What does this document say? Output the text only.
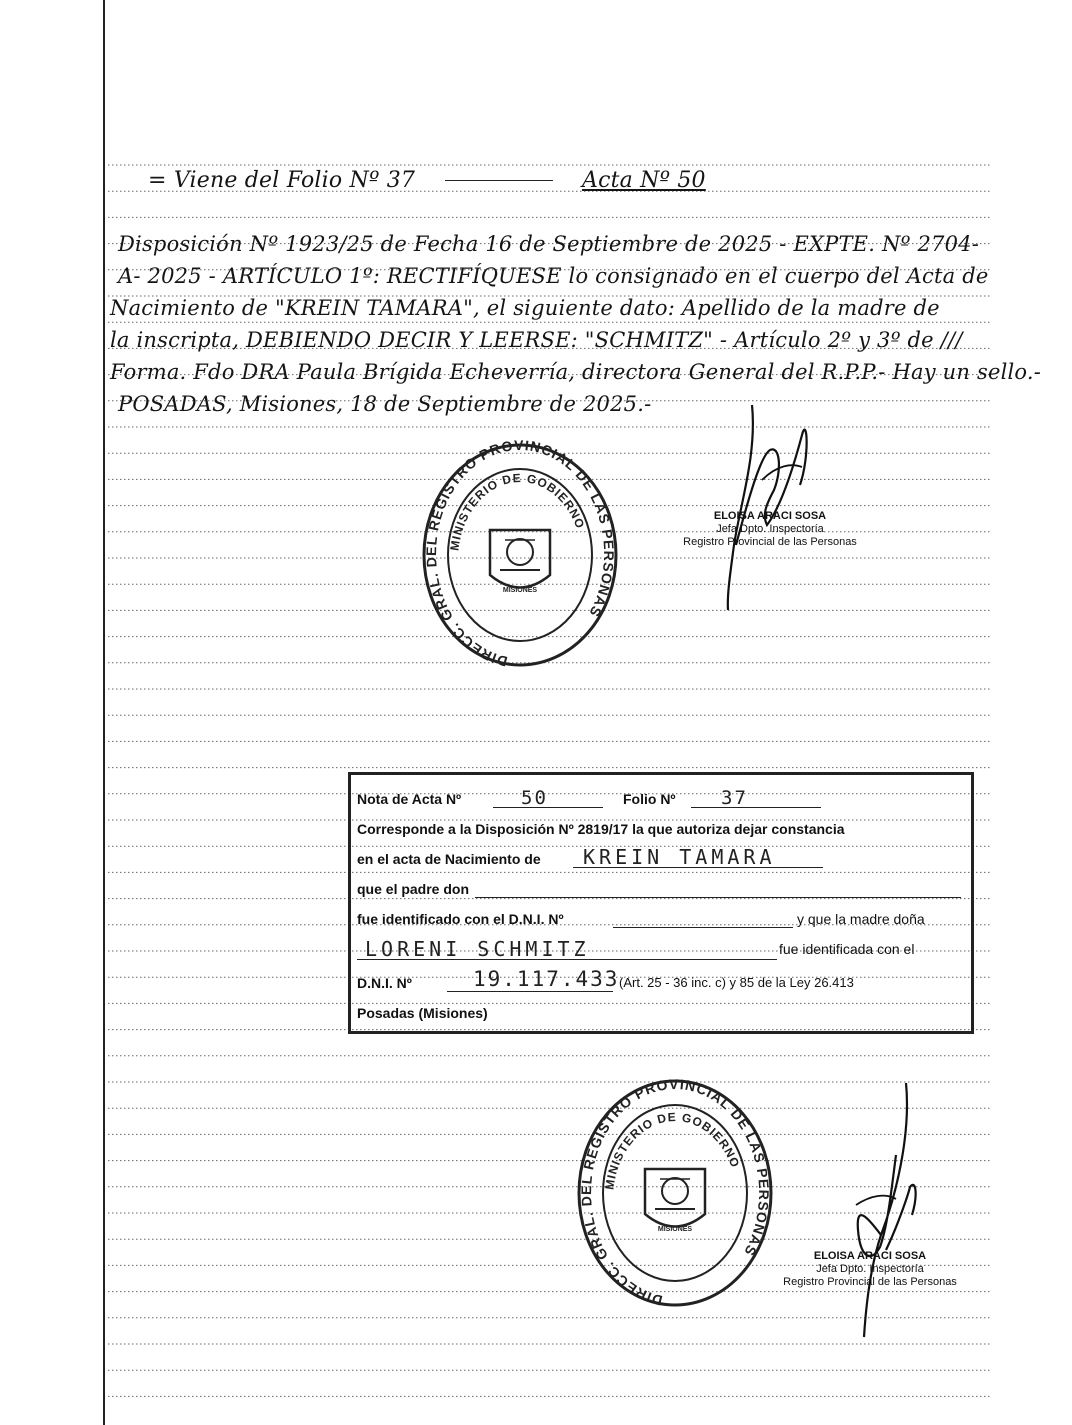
= Viene del Folio Nº 37	Acta Nº 50
Disposición Nº 1923/25 de Fecha 16 de Septiembre de 2025 - EXPTE. Nº 2704-
A- 2025 - ARTÍCULO 1º: RECTIFÍQUESE lo consignado en el cuerpo del Acta de
Nacimiento de "KREIN TAMARA", el siguiente dato: Apellido de la madre de
la inscripta, DEBIENDO DECIR Y LEERSE: "SCHMITZ" - Artículo 2º y 3º de ///
Forma. Fdo DRA Paula Brígida Echeverría, directora General del R.P.P.- Hay un sello.-
POSADAS, Misiones, 18 de Septiembre de 2025.-
DIRECC. GRAL. DEL REGISTRO PROVINCIAL DE LAS PERSONAS
MINISTERIO DE GOBIERNO
MISIONES
ELOISA ARACI SOSA
Jefa Dpto. Inspectoría
Registro Provincial de las Personas
Nota de Acta Nº	50	Folio Nº 37
Corresponde a la Disposición Nº 2819/17 la que autoriza dejar constancia
en el acta de Nacimiento de KREIN TAMARA
que el padre don
fue identificado con el D.N.I. Nº	y que la madre doña
LORENI SCHMITZ	fue identificada con el
D.N.I. Nº	19.117.433 (Art. 25 - 36 inc. c) y 85 de la Ley 26.413
Posadas (Misiones)
DIRECC. GRAL. DEL REGISTRO PROVINCIAL DE LAS PERSONAS
MINISTERIO DE GOBIERNO
MISIONES
ELOISA ARACI SOSA
Jefa Dpto. Inspectoría
Registro Provincial de las Personas
